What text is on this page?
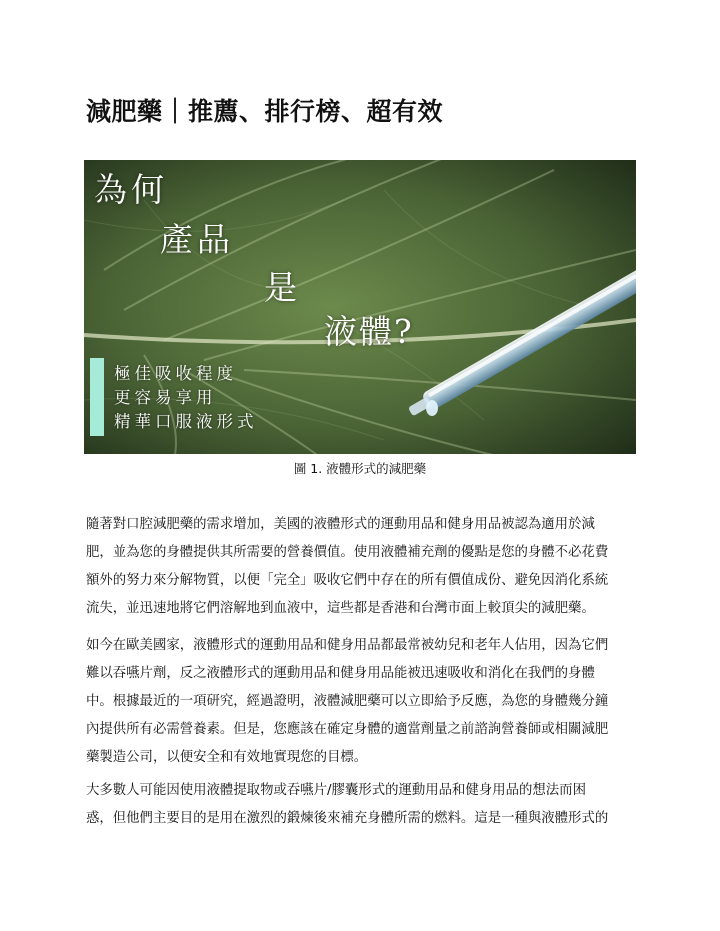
減肥藥｜推薦、排行榜、超有效
為何
產品
是
液體?
極佳吸收程度
更容易享用
精華口服液形式
圖 1. 液體形式的減肥藥

隨著對口腔減肥藥的需求增加，美國的液體形式的運動用品和健身用品被認為適用於減
肥，並為您的身體提供其所需要的營養價值。使用液體補充劑的優點是您的身體不必花費
額外的努力來分解物質，以便「完全」吸收它們中存在的所有價值成份、避免因消化系統
流失，並迅速地將它們溶解地到血液中，這些都是香港和台灣市面上較頂尖的減肥藥。

如今在歐美國家，液體形式的運動用品和健身用品都最常被幼兒和老年人佔用，因為它們
難以吞嚥片劑，反之液體形式的運動用品和健身用品能被迅速吸收和消化在我們的身體
中。根據最近的一項研究，經過證明，液體減肥藥可以立即給予反應，為您的身體幾分鐘
內提供所有必需營養素。但是，您應該在確定身體的適當劑量之前諮詢營養師或相關減肥
藥製造公司，以便安全和有效地實現您的目標。

大多數人可能因使用液體提取物或吞嚥片/膠囊形式的運動用品和健身用品的想法而困
惑，但他們主要目的是用在激烈的鍛煉後來補充身體所需的燃料。這是一種與液體形式的
